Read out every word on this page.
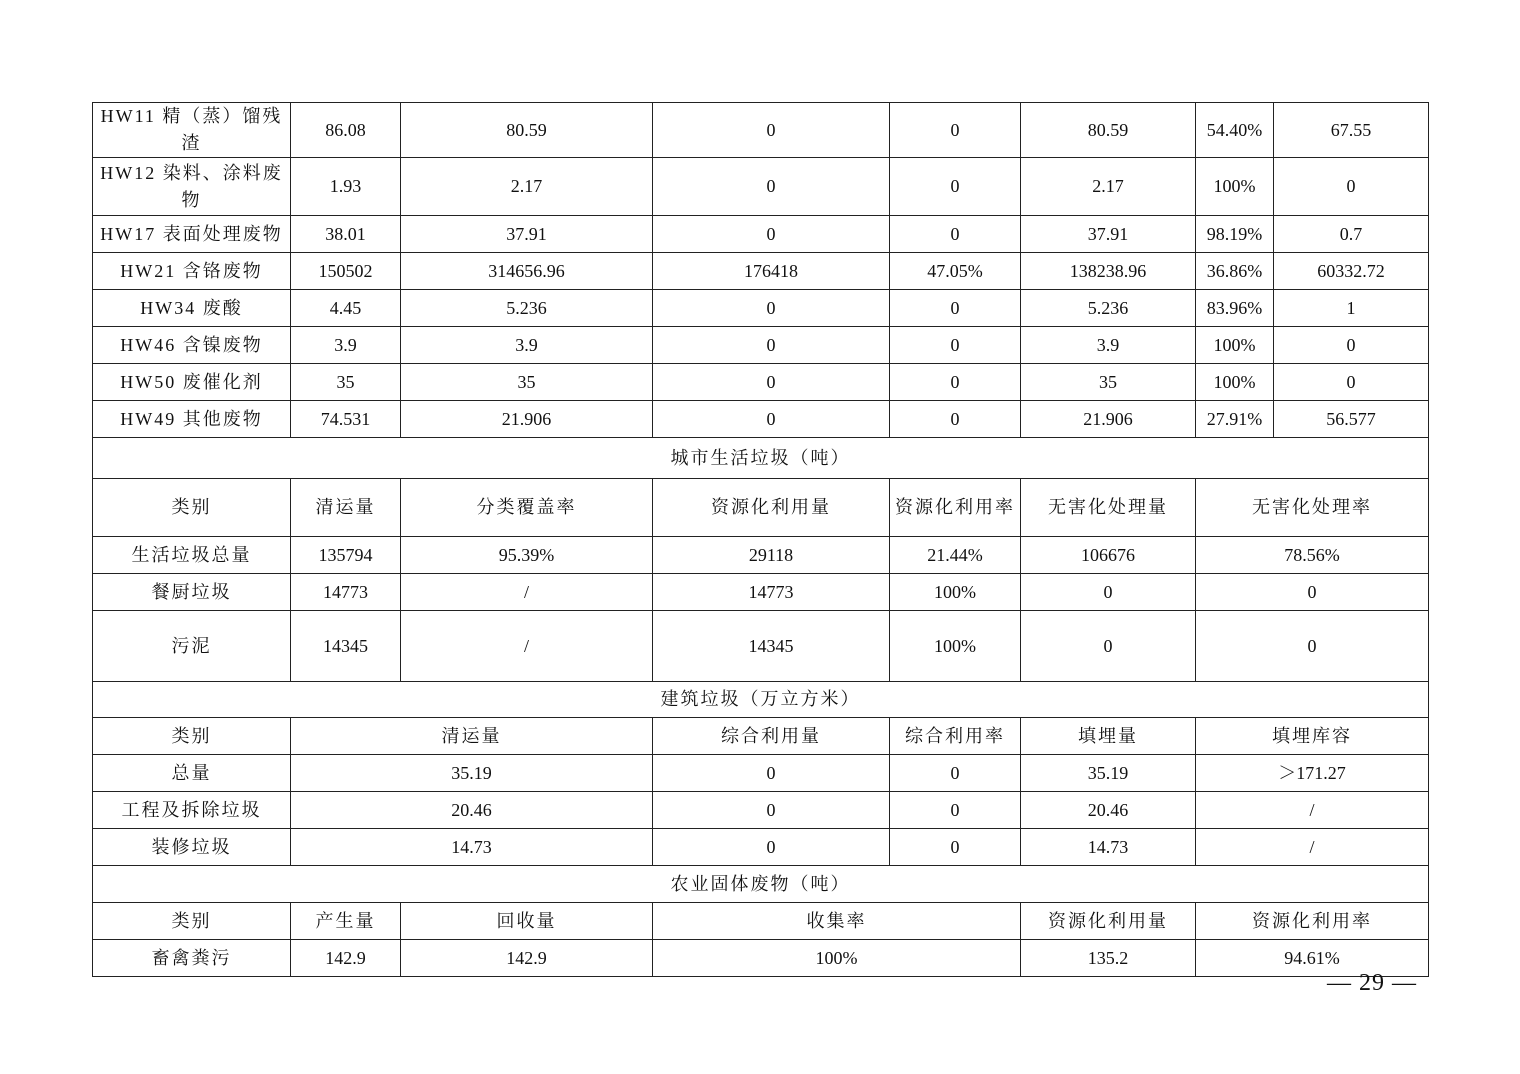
HW11 精（蒸）馏残渣	86.08	80.59	0	0	80.59	54.40%	67.55
HW12 染料、涂料废物	1.93	2.17	0	0	2.17	100%	0
HW17 表面处理废物	38.01	37.91	0	0	37.91	98.19%	0.7
HW21 含铬废物	150502	314656.96	176418	47.05%	138238.96	36.86%	60332.72
HW34 废酸	4.45	5.236	0	0	5.236	83.96%	1
HW46 含镍废物	3.9	3.9	0	0	3.9	100%	0
HW50 废催化剂	35	35	0	0	35	100%	0
HW49 其他废物	74.531	21.906	0	0	21.906	27.91%	56.577
城市生活垃圾（吨）							
类别	清运量	分类覆盖率	资源化利用量	资源化利用率	无害化处理量	无害化处理率	
生活垃圾总量	135794	95.39%	29118	21.44%	106676	78.56%	
餐厨垃圾	14773	/	14773	100%	0	0	
污泥	14345	/	14345	100%	0	0	
建筑垃圾（万立方米）							
类别	清运量		综合利用量	综合利用率	填埋量	填埋库容	
总量	35.19		0	0	35.19	＞171.27	
工程及拆除垃圾	20.46		0	0	20.46	/	
装修垃圾	14.73		0	0	14.73	/	
农业固体废物（吨）							
类别	产生量	回收量	收集率		资源化利用量	资源化利用率	
畜禽粪污	142.9	142.9	100%		135.2	94.61%	
— 29 —
